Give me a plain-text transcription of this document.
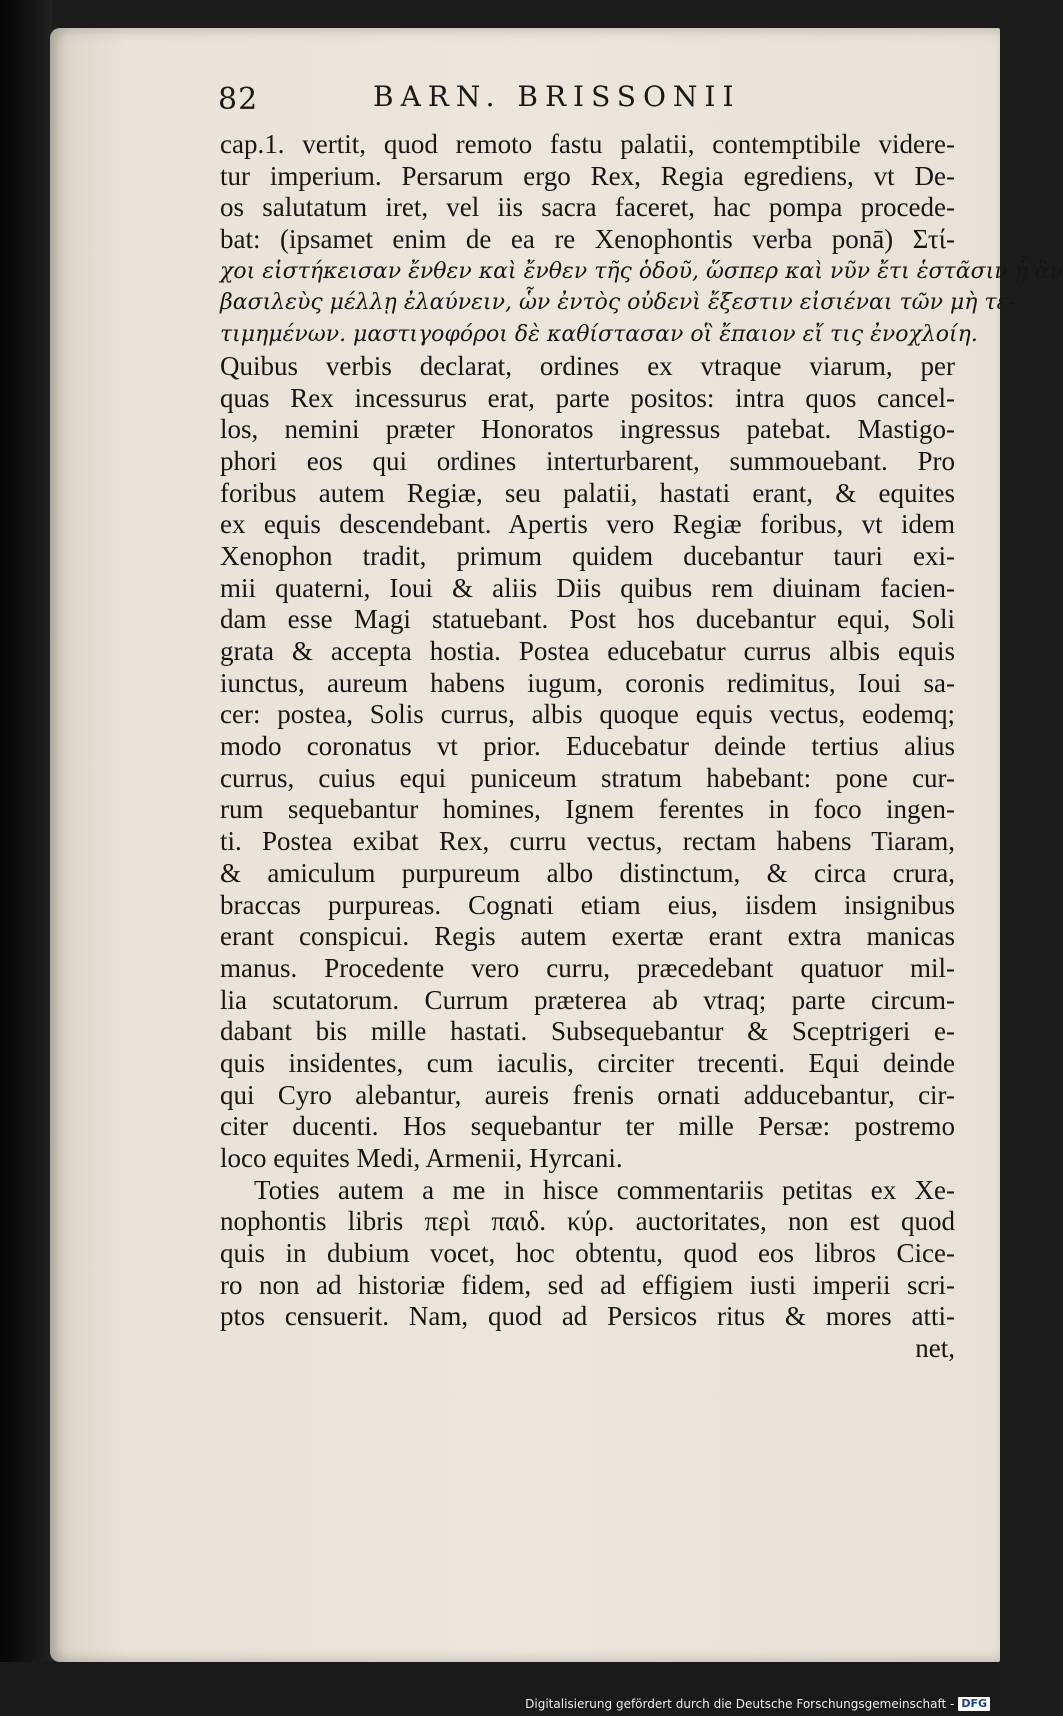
82	BARN. BRISSONII
cap.1. vertit, quod remoto fastu palatii, contemptibile videre-
tur imperium. Persarum ergo Rex, Regia egrediens, vt De-
os salutatum iret, vel iis sacra faceret, hac pompa procede-
bat: (ipsamet enim de ea re Xenophontis verba ponā) Στί-
χοι εἱστήκεισαν ἔνθεν καὶ ἔνθεν τῆς ὁδοῦ, ὥσπερ καὶ νῦν ἔτι ἑστᾶσιν ᾗ ἂν
βασιλεὺς μέλλῃ ἐλαύνειν, ὧν ἐντὸς οὐδενὶ ἔξεστιν εἰσιέναι τῶν μὴ τε-
τιμημένων. μαστιγοφόροι δὲ καθίστασαν οἳ ἔπαιον εἴ τις ἐνοχλοίη.
Quibus verbis declarat, ordines ex vtraque viarum, per
quas Rex incessurus erat, parte positos: intra quos cancel-
los, nemini præter Honoratos ingressus patebat. Mastigo-
phori eos qui ordines interturbarent, summouebant. Pro
foribus autem Regiæ, seu palatii, hastati erant, & equites
ex equis descendebant. Apertis vero Regiæ foribus, vt idem
Xenophon tradit, primum quidem ducebantur tauri exi-
mii quaterni, Ioui & aliis Diis quibus rem diuinam facien-
dam esse Magi statuebant. Post hos ducebantur equi, Soli
grata & accepta hostia. Postea educebatur currus albis equis
iunctus, aureum habens iugum, coronis redimitus, Ioui sa-
cer: postea, Solis currus, albis quoque equis vectus, eodemq;
modo coronatus vt prior. Educebatur deinde tertius alius
currus, cuius equi puniceum stratum habebant: pone cur-
rum sequebantur homines, Ignem ferentes in foco ingen-
ti. Postea exibat Rex, curru vectus, rectam habens Tiaram,
& amiculum purpureum albo distinctum, & circa crura,
braccas purpureas. Cognati etiam eius, iisdem insignibus
erant conspicui. Regis autem exertæ erant extra manicas
manus. Procedente vero curru, præcedebant quatuor mil-
lia scutatorum. Currum præterea ab vtraq; parte circum-
dabant bis mille hastati. Subsequebantur & Sceptrigeri e-
quis insidentes, cum iaculis, circiter trecenti. Equi deinde
qui Cyro alebantur, aureis frenis ornati adducebantur, cir-
citer ducenti. Hos sequebantur ter mille Persæ: postremo
loco equites Medi, Armenii, Hyrcani.
Toties autem a me in hisce commentariis petitas ex Xe-
nophontis libris περὶ παιδ. κύρ. auctoritates, non est quod
quis in dubium vocet, hoc obtentu, quod eos libros Cice-
ro non ad historiæ fidem, sed ad effigiem iusti imperii scri-
ptos censuerit. Nam, quod ad Persicos ritus & mores atti-
net,
Digitalisierung gefördert durch die Deutsche Forschungsgemeinschaft - DFG
